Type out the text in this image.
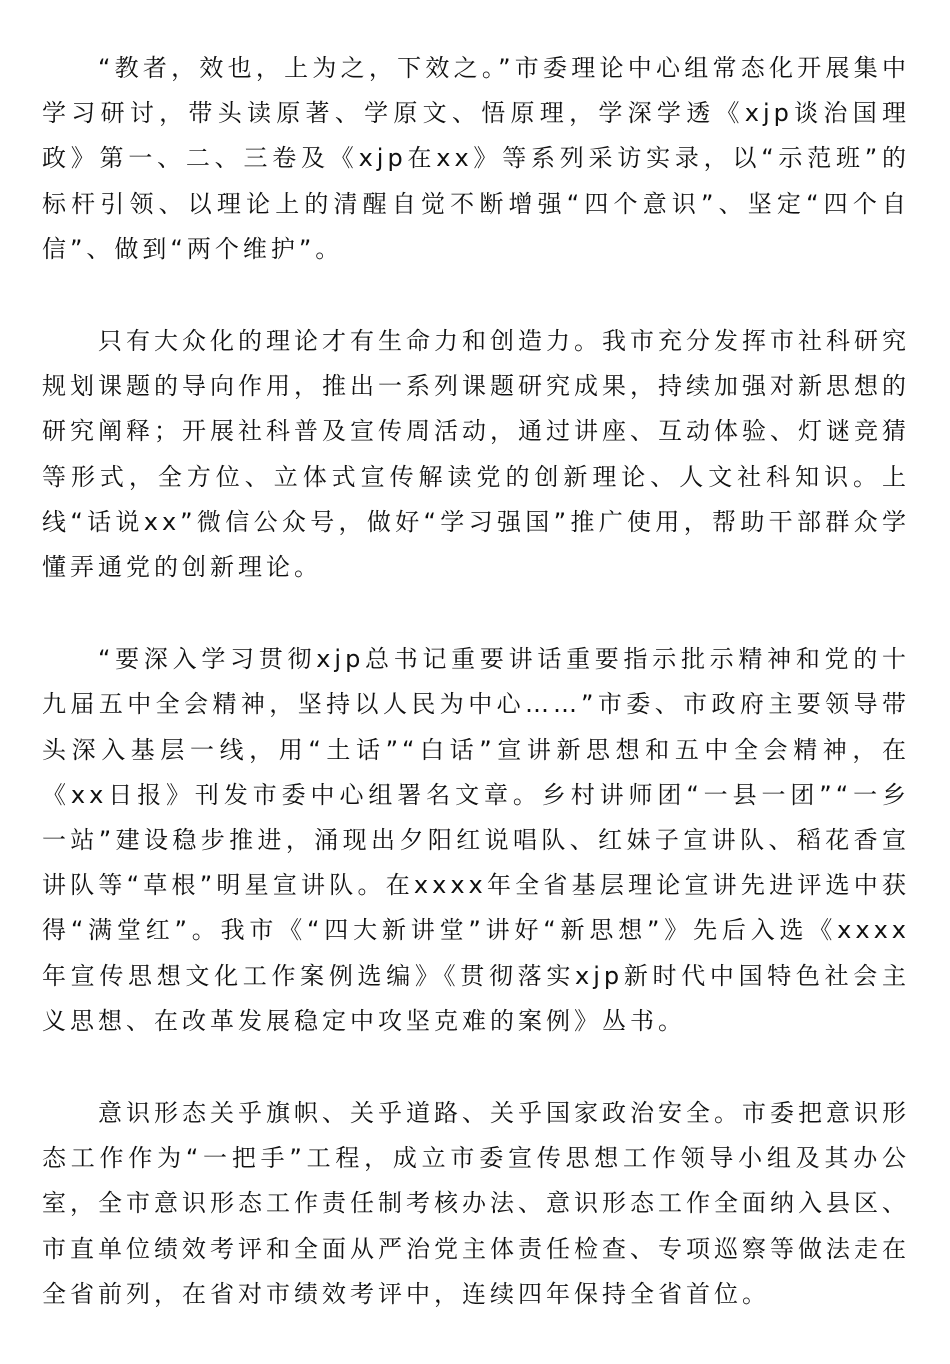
“教者，效也，上为之，下效之。”市委理论中心组常态化开展集中学习研讨，带头读原著、学原文、悟原理，学深学透《xjp谈治国理政》第一、二、三卷及《xjp在xx》等系列采访实录，以“示范班”的标杆引领、以理论上的清醒自觉不断增强“四个意识”、坚定“四个自信”、做到“两个维护”。

只有大众化的理论才有生命力和创造力。我市充分发挥市社科研究规划课题的导向作用，推出一系列课题研究成果，持续加强对新思想的研究阐释；开展社科普及宣传周活动，通过讲座、互动体验、灯谜竞猜等形式，全方位、立体式宣传解读党的创新理论、人文社科知识。上线“话说xx”微信公众号，做好“学习强国”推广使用，帮助干部群众学懂弄通党的创新理论。

“要深入学习贯彻xjp总书记重要讲话重要指示批示精神和党的十九届五中全会精神，坚持以人民为中心……”市委、市政府主要领导带头深入基层一线，用“土话”“白话”宣讲新思想和五中全会精神，在《xx日报》刊发市委中心组署名文章。乡村讲师团“一县一团”“一乡一站”建设稳步推进，涌现出夕阳红说唱队、红妹子宣讲队、稻花香宣讲队等“草根”明星宣讲队。在xxxx年全省基层理论宣讲先进评选中获得“满堂红”。我市《“四大新讲堂”讲好“新思想”》先后入选《xxxx年宣传思想文化工作案例选编》《贯彻落实xjp新时代中国特色社会主义思想、在改革发展稳定中攻坚克难的案例》丛书。

意识形态关乎旗帜、关乎道路、关乎国家政治安全。市委把意识形态工作作为“一把手”工程，成立市委宣传思想工作领导小组及其办公室，全市意识形态工作责任制考核办法、意识形态工作全面纳入县区、市直单位绩效考评和全面从严治党主体责任检查、专项巡察等做法走在全省前列，在省对市绩效考评中，连续四年保持全省首位。
